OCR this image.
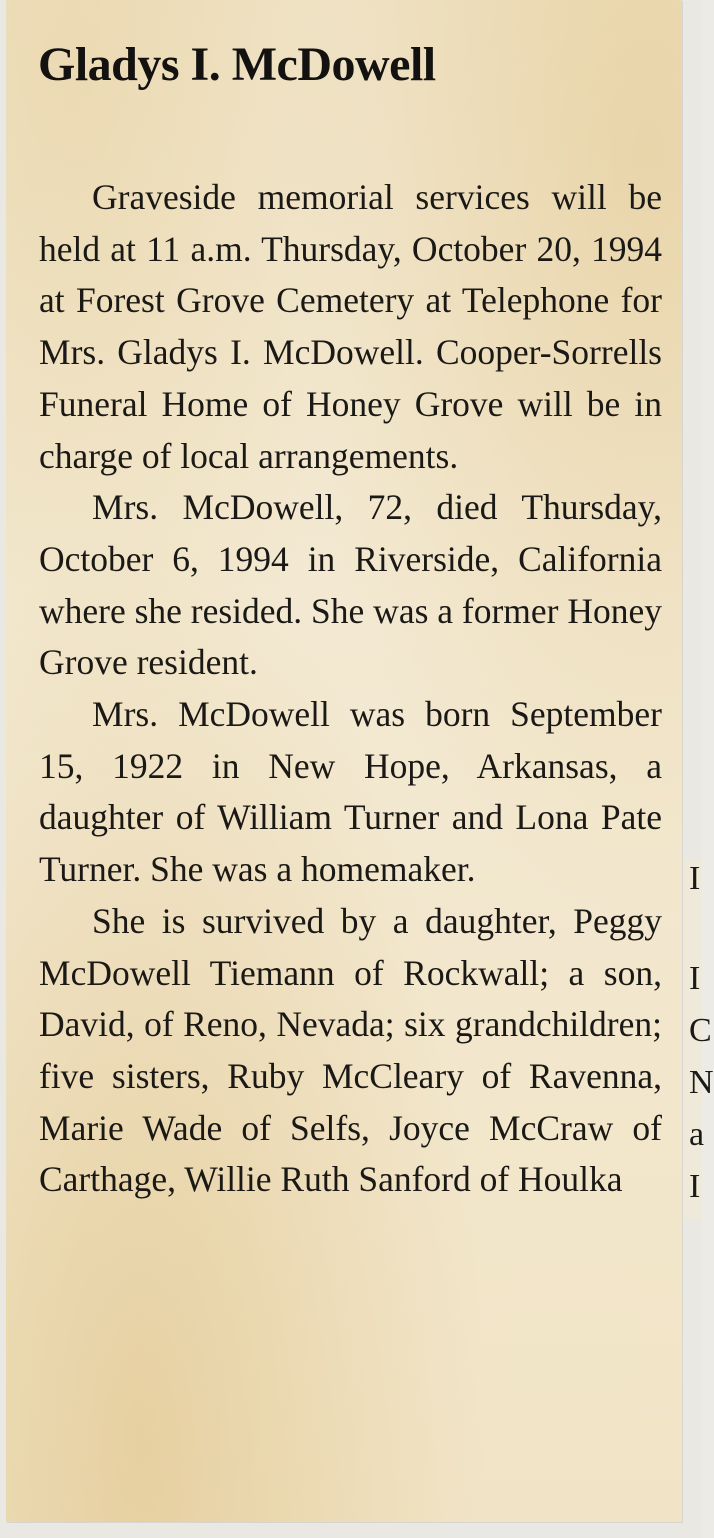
I
I
C
N
a
I
Gladys I. McDowell

Graveside memorial services will be held at 11 a.m. Thursday, October 20, 1994 at Forest Grove Cemetery at Telephone for Mrs. Gladys I. McDowell. Cooper-Sorrells Funeral Home of Honey Grove will be in charge of local arrangements.

Mrs. McDowell, 72, died Thursday, October 6, 1994 in Riverside, California where she resided. She was a former Honey Grove resident.

Mrs. McDowell was born September 15, 1922 in New Hope, Arkansas, a daughter of William Turner and Lona Pate Turner. She was a homemaker.

She is survived by a daughter, Peggy McDowell Tiemann of Rockwall; a son, David, of Reno, Nevada; six grandchildren; five sisters, Ruby McCleary of Ravenna, Marie Wade of Selfs, Joyce McCraw of Carthage, Willie Ruth Sanford of Houlka
